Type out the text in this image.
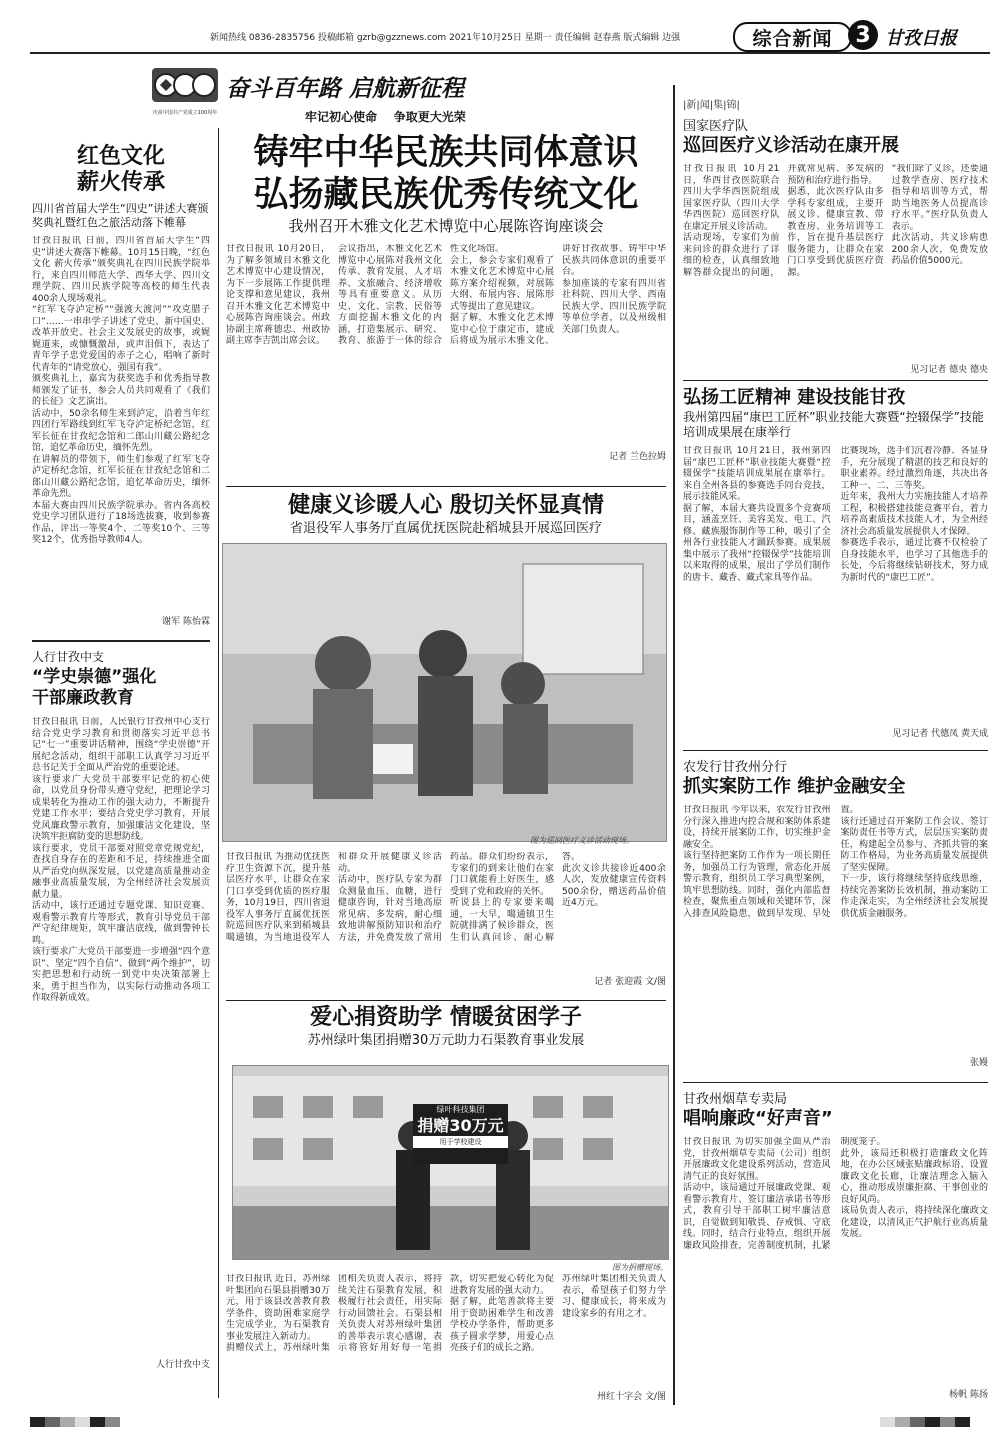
新闻热线 0836-2835756 投稿邮箱 gzrb@gzznews.com 2021年10月25日 星期一 责任编辑 赵春燕 版式编辑 边强	综合新闻 3 甘孜日报
庆祝中国共产党成立100周年
奋斗百年路 启航新征程
牢记初心使命    争取更大光荣
红色文化
薪火传承
四川省首届大学生“四史”讲述大赛颁奖典礼暨红色之旅活动落下帷幕
甘孜日报讯 日前，四川省首届大学生“四史”讲述大赛落下帷幕。10月15日晚，“红色文化 薪火传承”颁奖典礼在四川民族学院举行，来自四川师范大学、西华大学、四川文理学院、四川民族学院等高校的师生代表400余人现场观礼。
“红军飞夺泸定桥”“强渡大渡河”“攻克腊子口”……一串串学子讲述了党史、新中国史、改革开放史、社会主义发展史的故事，或娓娓道来，或慷慨激昂，或声泪俱下，表达了青年学子忠党爱国的赤子之心，唱响了新时代青年的“请党放心，强国有我”。
颁奖典礼上，嘉宾为获奖选手和优秀指导教师颁发了证书，参会人员共同观看了《我们的长征》文艺演出。
活动中，50余名师生来到泸定，沿着当年红四团行军路线到红军飞夺泸定桥纪念馆，红军长征在甘孜纪念馆和二郎山川藏公路纪念馆，追忆革命历史，缅怀先烈。
在讲解员的带领下，师生们参观了红军飞夺泸定桥纪念馆，红军长征在甘孜纪念馆和二郎山川藏公路纪念馆，追忆革命历史，缅怀革命先烈。
本届大赛由四川民族学院承办。省内各高校党史学习团队进行了18场选拔赛，收到参赛作品，评出一等奖4个、二等奖10个、三等奖12个，优秀指导教师4人。
谢军 陈怡霖
人行甘孜中支
“学史崇德”强化
干部廉政教育
甘孜日报讯 日前，人民银行甘孜州中心支行结合党史学习教育和贯彻落实习近平总书记“七一”重要讲话精神，围绕“学史崇德”开展纪念活动，组织干部职工认真学习习近平总书记关于全面从严治党的重要论述。
该行要求广大党员干部要牢记党的初心使命，以党员身份带头遵守党纪，把理论学习成果转化为推动工作的强大动力，不断提升党建工作水平；要结合党史学习教育，开展党风廉政警示教育，加强廉洁文化建设，坚决筑牢拒腐防变的思想防线。
该行要求，党员干部要对照党章党规党纪，查找自身存在的差距和不足，持续推进全面从严治党向纵深发展，以党建高质量推动金融事业高质量发展，为全州经济社会发展贡献力量。
活动中，该行还通过专题党课、知识竞赛、观看警示教育片等形式，教育引导党员干部严守纪律规矩，筑牢廉洁底线，做到警钟长鸣。
该行要求广大党员干部要进一步增强“四个意识”、坚定“四个自信”、做到“两个维护”，切实把思想和行动统一到党中央决策部署上来，勇于担当作为，以实际行动推动各项工作取得新成效。
人行甘孜中支
铸牢中华民族共同体意识
弘扬藏民族优秀传统文化
我州召开木雅文化艺术博览中心展陈咨询座谈会
甘孜日报讯 10月20日，为了解多领域目木雅文化艺术博览中心建设情况，为下一步展陈工作提供理论支撑和意见建议，我州召开木雅文化艺术博览中心展陈咨询座谈会。州政协副主席蒋德忠、州政协副主席李吉凯出席会议。
会议指出，木雅文化艺术博览中心展陈对我州文化传承、教育发展、人才培养、文旅融合、经济增收等具有重要意义。从历史、文化、宗教、民俗等方面挖掘木雅文化的内涵，打造集展示、研究、教育、旅游于一体的综合性文化场馆。
会上，参会专家们观看了木雅文化艺术博览中心展陈方案介绍视频，对展陈大纲、布展内容、展陈形式等提出了意见建议。
据了解，木雅文化艺术博览中心位于康定市，建成后将成为展示木雅文化、讲好甘孜故事、铸牢中华民族共同体意识的重要平台。
参加座谈的专家有四川省社科院、四川大学、西南民族大学、四川民族学院等单位学者，以及州级相关部门负责人。
记者 兰色拉姆
健康义诊暖人心 殷切关怀显真情
省退役军人事务厅直属优抚医院赴稻城县开展巡回医疗
图为巡回医疗义诊活动现场。
甘孜日报讯 为推动优抚医疗卫生资源下沉，提升基层医疗水平，让群众在家门口享受到优质的医疗服务，10月19日，四川省退役军人事务厅直属优抚医院巡回医疗队来到稻城县噶通镇，为当地退役军人和群众开展健康义诊活动。
活动中，医疗队专家为群众测量血压、血糖，进行健康咨询，针对当地高原常见病、多发病，耐心细致地讲解预防知识和治疗方法，并免费发放了常用药品。群众们纷纷表示，专家们的到来让他们在家门口就能看上好医生，感受到了党和政府的关怀。
听说县上的专家要来噶通，一大早，噶通镇卫生院就排满了候诊群众，医生们认真问诊、耐心解答。
此次义诊共接诊近400余人次，发放健康宣传资料500余份，赠送药品价值近4万元。
记者 张迎霞 文/图
爱心捐资助学 情暖贫困学子
苏州绿叶集团捐赠30万元助力石渠教育事业发展
绿叶科技集团
捐赠30万元
用于学校建设
图为捐赠现场。
甘孜日报讯 近日，苏州绿叶集团向石渠县捐赠30万元，用于该县改善教育教学条件，资助困难家庭学生完成学业，为石渠教育事业发展注入新动力。
捐赠仪式上，苏州绿叶集团相关负责人表示，将持续关注石渠教育发展，积极履行社会责任，用实际行动回馈社会。石渠县相关负责人对苏州绿叶集团的善举表示衷心感谢，表示将管好用好每一笔捐款，切实把爱心转化为促进教育发展的强大动力。
据了解，此笔善款将主要用于资助困难学生和改善学校办学条件，帮助更多孩子圆求学梦，用爱心点亮孩子们的成长之路。
苏州绿叶集团相关负责人表示，希望孩子们努力学习、健康成长，将来成为建设家乡的有用之才。
州红十字会 文/图
|新|闻|集|锦|
国家医疗队
巡回医疗义诊活动在康开展
甘孜日报讯 10月21日，华西甘孜医院联合四川大学华西医院组成国家医疗队（四川大学华西医院）巡回医疗队在康定开展义诊活动。
活动现场，专家们为前来问诊的群众进行了详细的检查，认真细致地解答群众提出的问题，并就常见病、多发病的预防和治疗进行指导。
据悉，此次医疗队由多学科专家组成，主要开展义诊、健康宣教、带教查房、业务培训等工作，旨在提升基层医疗服务能力，让群众在家门口享受到优质医疗资源。
“我们除了义诊，还要通过教学查房、医疗技术指导和培训等方式，帮助当地医务人员提高诊疗水平。”医疗队负责人表示。
此次活动，共义诊病患200余人次，免费发放药品价值5000元。
见习记者 德央 德央
弘扬工匠精神 建设技能甘孜
我州第四届“康巴工匠杯”职业技能大赛暨“控辍保学”技能培训成果展在康举行
甘孜日报讯 10月21日，我州第四届“康巴工匠杯”职业技能大赛暨“控辍保学”技能培训成果展在康举行。来自全州各县的参赛选手同台竞技，展示技能风采。
据了解，本届大赛共设置多个竞赛项目，涵盖烹饪、美容美发、电工、汽修、藏族服饰制作等工种，吸引了全州各行业技能人才踊跃参赛。成果展集中展示了我州“控辍保学”技能培训以来取得的成果，展出了学员们制作的唐卡、藏香、藏式家具等作品。
比赛现场，选手们沉着冷静、各显身手，充分展现了精湛的技艺和良好的职业素养。经过激烈角逐，共决出各工种一、二、三等奖。
近年来，我州大力实施技能人才培养工程，积极搭建技能竞赛平台，着力培养高素质技术技能人才，为全州经济社会高质量发展提供人才保障。
参赛选手表示，通过比赛不仅检验了自身技能水平，也学习了其他选手的长处，今后将继续钻研技术，努力成为新时代的“康巴工匠”。
见习记者 代德凤 黄天成
农发行甘孜州分行
抓实案防工作 维护金融安全
甘孜日报讯 今年以来，农发行甘孜州分行深入推进内控合规和案防体系建设，持续开展案防工作，切实维护金融安全。
该行坚持把案防工作作为一项长期任务，加强员工行为管理，常态化开展警示教育，组织员工学习典型案例，筑牢思想防线。同时，强化内部监督检查，聚焦重点领域和关键环节，深入排查风险隐患，做到早发现、早处置。
该行还通过召开案防工作会议、签订案防责任书等方式，层层压实案防责任，构建起全员参与、齐抓共管的案防工作格局，为业务高质量发展提供了坚实保障。
下一步，该行将继续坚持底线思维，持续完善案防长效机制，推动案防工作走深走实，为全州经济社会发展提供优质金融服务。
张嫚
甘孜州烟草专卖局
唱响廉政“好声音”
甘孜日报讯 为切实加强全面从严治党，甘孜州烟草专卖局（公司）组织开展廉政文化建设系列活动，营造风清气正的良好氛围。
活动中，该局通过开展廉政党课、观看警示教育片、签订廉洁承诺书等形式，教育引导干部职工树牢廉洁意识，自觉做到知敬畏、存戒惧、守底线。同时，结合行业特点，组织开展廉政风险排查，完善制度机制，扎紧制度笼子。
此外，该局还积极打造廉政文化阵地，在办公区域张贴廉政标语、设置廉政文化长廊，让廉洁理念入脑入心，推动形成崇廉拒腐、干事创业的良好风尚。
该局负责人表示，将持续深化廉政文化建设，以清风正气护航行业高质量发展。
杨帆 陈扬
